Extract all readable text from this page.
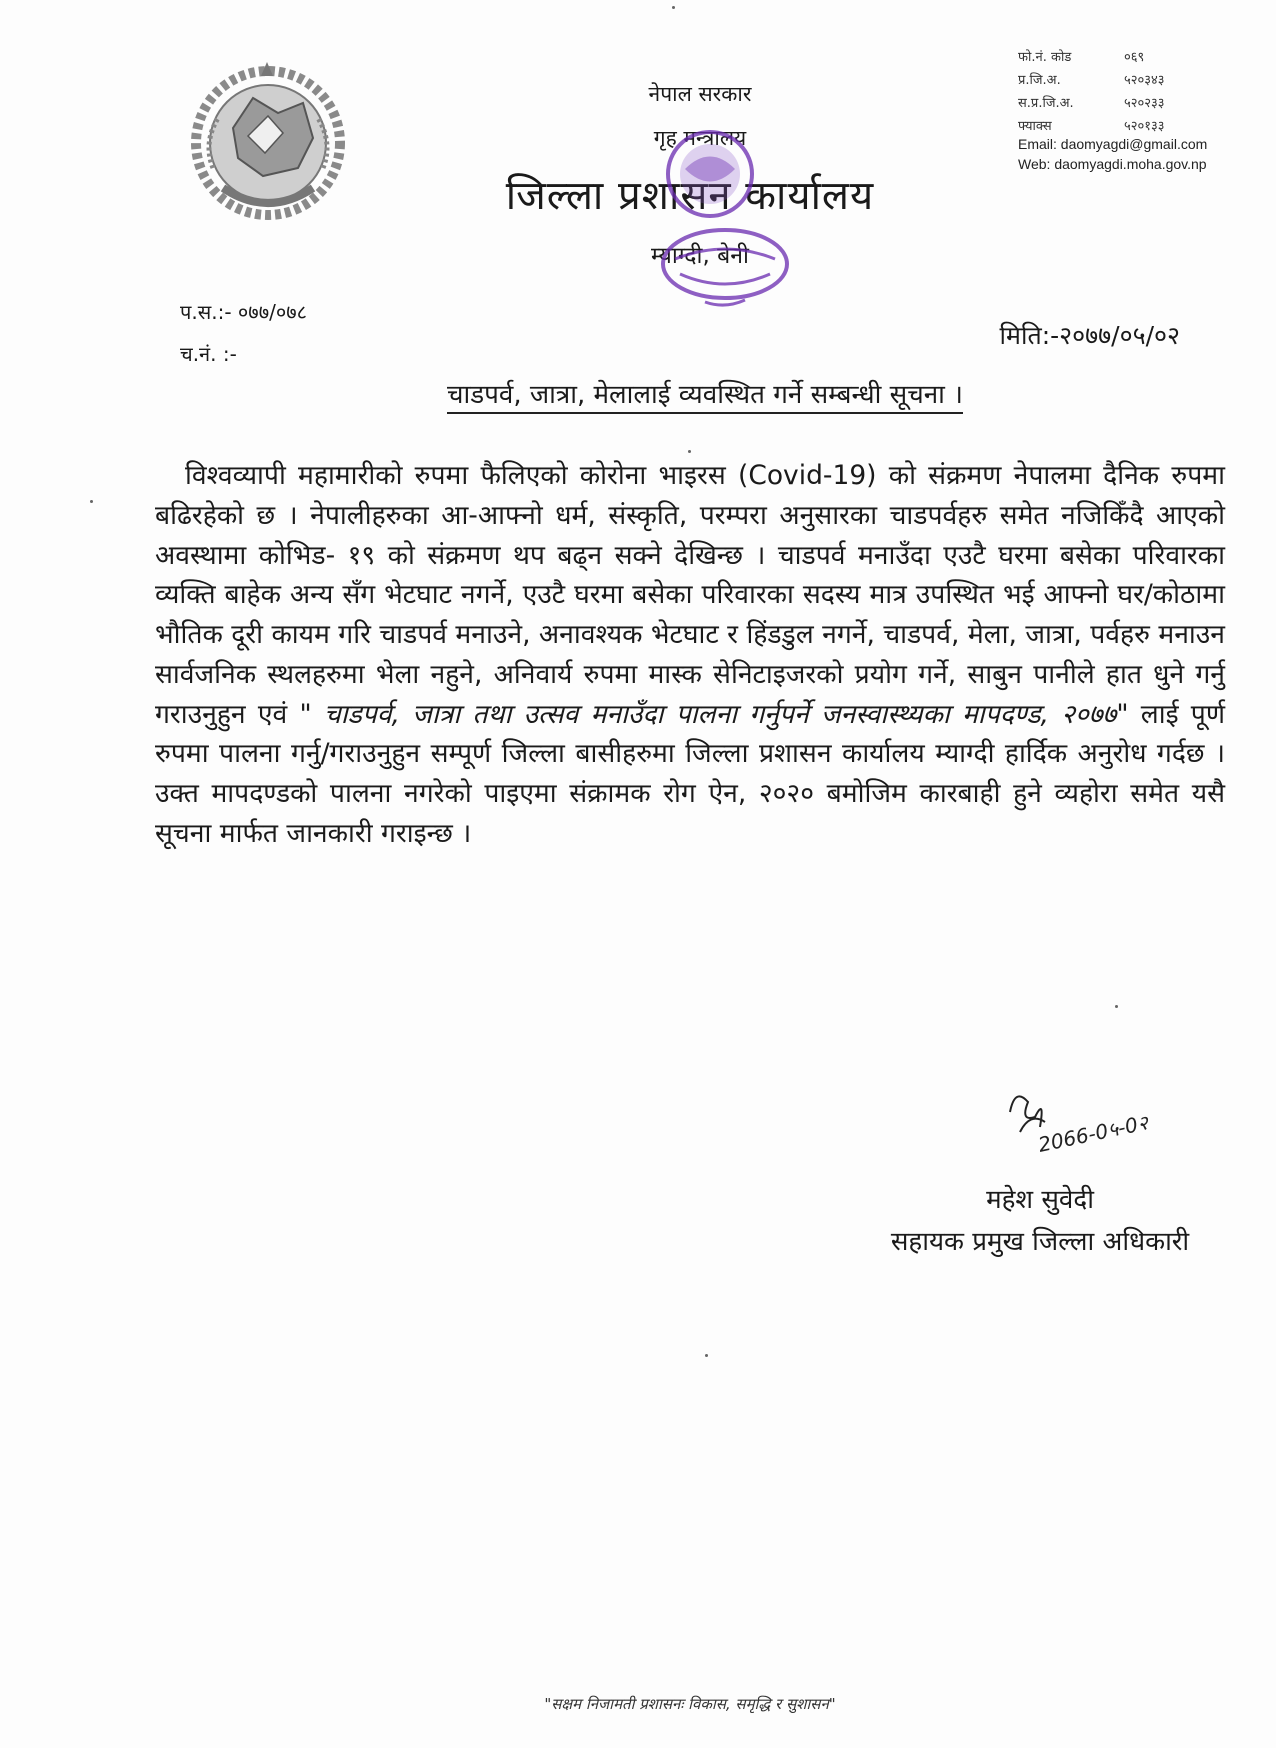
नेपाल सरकार
गृह मन्त्रालय
जिल्ला प्रशासन कार्यालय
म्याग्दी, बेनी
फो.नं. कोड	०६९
प्र.जि.अ.	५२०३४३
स.प्र.जि.अ.	५२०२३३
फ्याक्स	५२०१३३
Email: daomyagdi@gmail.com
Web: daomyagdi.moha.gov.np
प.स.:- ०७७/०७८
च.नं. :-
मिति:-२०७७/०५/०२
चाडपर्व, जात्रा, मेलालाई व्यवस्थित गर्ने सम्बन्धी सूचना ।

विश्वव्यापी महामारीको रुपमा फैलिएको कोरोना भाइरस (Covid-19) को संक्रमण नेपालमा दैनिक रुपमा बढिरहेको छ । नेपालीहरुका आ-आफ्नो धर्म, संस्कृति, परम्परा अनुसारका चाडपर्वहरु समेत नजिकिँदै आएको अवस्थामा कोभिड- १९ को संक्रमण थप बढ्न सक्ने देखिन्छ । चाडपर्व मनाउँदा एउटै घरमा बसेका परिवारका व्यक्ति बाहेक अन्य सँग भेटघाट नगर्ने, एउटै घरमा बसेका परिवारका सदस्य मात्र उपस्थित भई आफ्नो घर/कोठामा भौतिक दूरी कायम गरि चाडपर्व मनाउने, अनावश्यक भेटघाट र हिंडडुल नगर्ने, चाडपर्व, मेला, जात्रा, पर्वहरु मनाउन सार्वजनिक स्थलहरुमा भेला नहुने, अनिवार्य रुपमा मास्क सेनिटाइजरको प्रयोग गर्ने, साबुन पानीले हात धुने गर्नु गराउनुहुन एवं " चाडपर्व, जात्रा तथा उत्सव मनाउँदा पालना गर्नुपर्ने जनस्वास्थ्यका मापदण्ड, २०७७" लाई पूर्ण रुपमा पालना गर्नु/गराउनुहुन सम्पूर्ण जिल्ला बासीहरुमा जिल्ला प्रशासन कार्यालय म्याग्दी हार्दिक अनुरोध गर्दछ । उक्त मापदण्डको पालना नगरेको पाइएमा संक्रामक रोग ऐन, २०२० बमोजिम कारबाही हुने व्यहोरा समेत यसै सूचना मार्फत जानकारी गराइन्छ ।

2066-0५-0२
महेश सुवेदी
सहायक प्रमुख जिल्ला अधिकारी
"सक्षम निजामती प्रशासनः विकास, समृद्धि र सुशासन"
